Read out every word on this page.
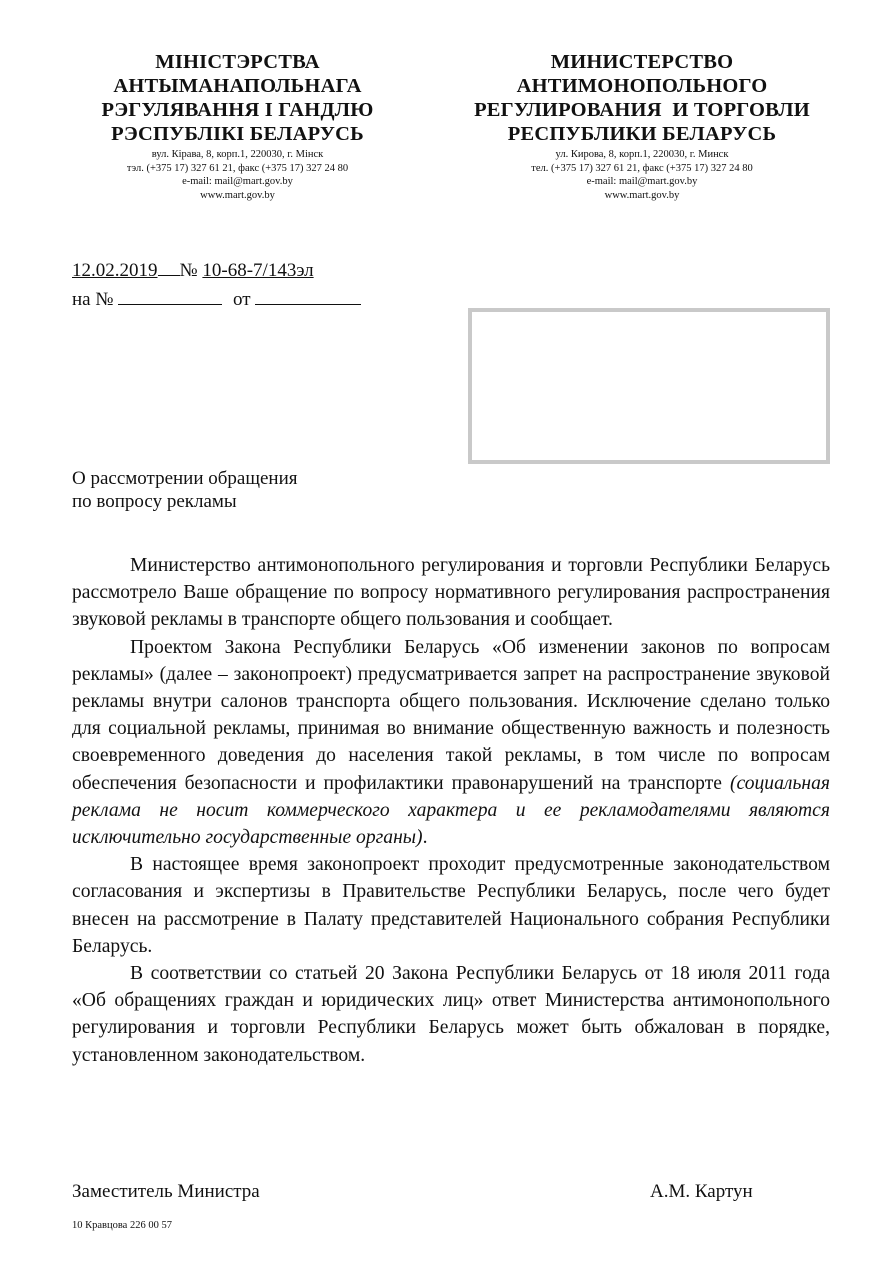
МІНІСТЭРСТВА
АНТЫМАНАПОЛЬНАГА
РЭГУЛЯВАННЯ І ГАНДЛЮ
РЭСПУБЛІКІ БЕЛАРУСЬ
вул. Кірава, 8, корп.1, 220030, г. Мінск
тэл. (+375 17) 327 61 21, факс (+375 17) 327 24 80
e-mail: mail@mart.gov.by
www.mart.gov.by
МИНИСТЕРСТВО
АНТИМОНОПОЛЬНОГО
РЕГУЛИРОВАНИЯ  И ТОРГОВЛИ
РЕСПУБЛИКИ БЕЛАРУСЬ
ул. Кирова, 8, корп.1, 220030, г. Минск
тел. (+375 17) 327 61 21, факс (+375 17) 327 24 80
e-mail: mail@mart.gov.by
www.mart.gov.by
12.02.2019 № 10-68-7/143эл
на №	от
О рассмотрении обращения
по вопросу рекламы

Министерство антимонопольного регулирования и торговли Республики Беларусь рассмотрело Ваше обращение по вопросу нормативного регулирования распространения звуковой рекламы в транспорте общего пользования и сообщает.

Проектом Закона Республики Беларусь «Об изменении законов по вопросам рекламы» (далее – законопроект) предусматривается запрет на распространение звуковой рекламы внутри салонов транспорта общего пользования. Исключение сделано только для социальной рекламы, принимая во внимание общественную важность и полезность своевременного доведения до населения такой рекламы, в том числе по вопросам обеспечения безопасности и профилактики правонарушений на транспорте (социальная реклама не носит коммерческого характера и ее рекламодателями являются исключительно государственные органы).

В настоящее время законопроект проходит предусмотренные законодательством согласования и экспертизы в Правительстве Республики Беларусь, после чего будет внесен на рассмотрение в Палату представителей Национального собрания Республики Беларусь.

В соответствии со статьей 20 Закона Республики Беларусь от 18 июля 2011 года «Об обращениях граждан и юридических лиц» ответ Министерства антимонопольного регулирования и торговли Республики Беларусь может быть обжалован в порядке, установленном законодательством.

Заместитель Министра	А.М. Картун
10 Кравцова 226 00 57
